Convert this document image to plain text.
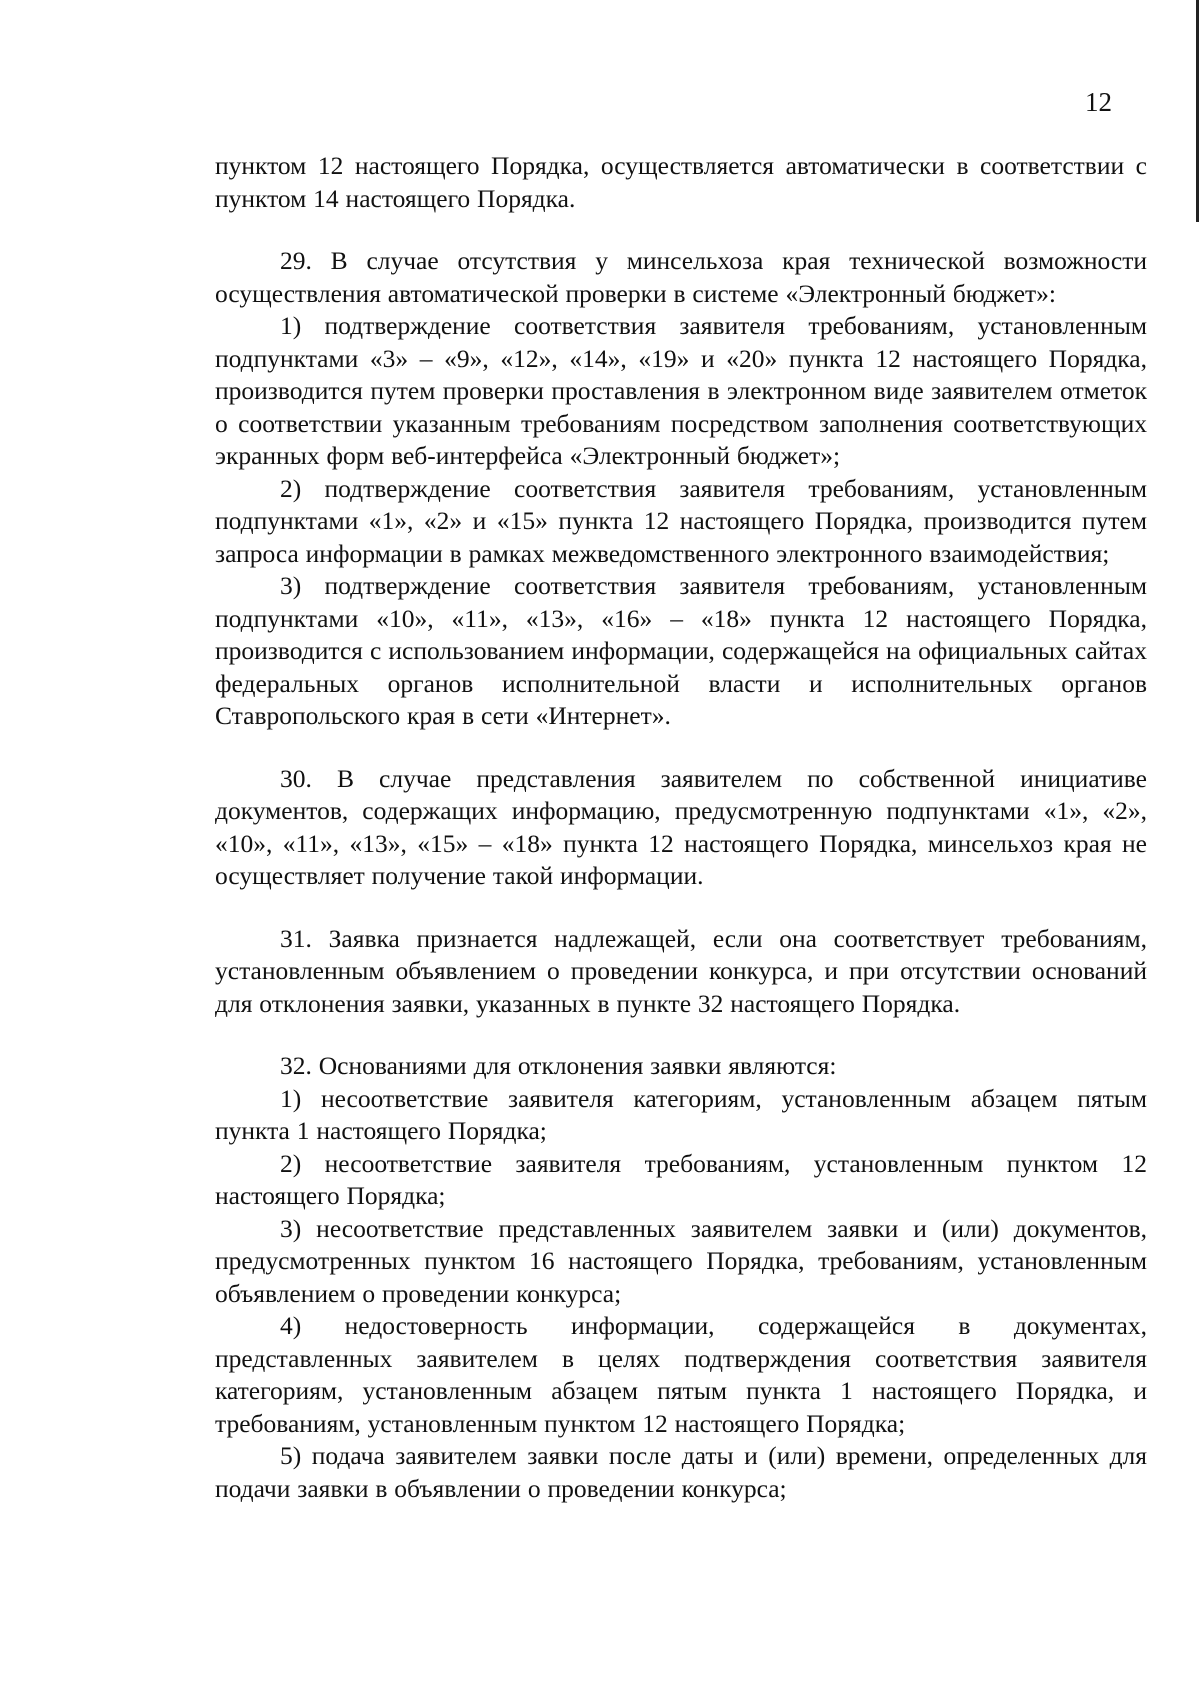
12

пунктом 12 настоящего Порядка, осуществляется автоматически в соответствии с пунктом 14 настоящего Порядка.

29. В случае отсутствия у минсельхоза края технической возможности осуществления автоматической проверки в системе «Электронный бюджет»:

1) подтверждение соответствия заявителя требованиям, установленным подпунктами «3» – «9», «12», «14», «19» и «20» пункта 12 настоящего Порядка, производится путем проверки проставления в электронном виде заявителем отметок о соответствии указанным требованиям посредством заполнения соответствующих экранных форм веб-интерфейса «Электронный бюджет»;

2) подтверждение соответствия заявителя требованиям, установленным подпунктами «1», «2» и «15» пункта 12 настоящего Порядка, производится путем запроса информации в рамках межведомственного электронного взаимодействия;

3) подтверждение соответствия заявителя требованиям, установленным подпунктами «10», «11», «13», «16» – «18» пункта 12 настоящего Порядка, производится с использованием информации, содержащейся на официальных сайтах федеральных органов исполнительной власти и исполнительных органов Ставропольского края в сети «Интернет».

30. В случае представления заявителем по собственной инициативе документов, содержащих информацию, предусмотренную подпунктами «1», «2», «10», «11», «13», «15» – «18» пункта 12 настоящего Порядка, минсельхоз края не осуществляет получение такой информации.

31. Заявка признается надлежащей, если она соответствует требованиям, установленным объявлением о проведении конкурса, и при отсутствии оснований для отклонения заявки, указанных в пункте 32 настоящего Порядка.

32. Основаниями для отклонения заявки являются:

1) несоответствие заявителя категориям, установленным абзацем пятым пункта 1 настоящего Порядка;

2) несоответствие заявителя требованиям, установленным пунктом 12 настоящего Порядка;

3) несоответствие представленных заявителем заявки и (или) документов, предусмотренных пунктом 16 настоящего Порядка, требованиям, установленным объявлением о проведении конкурса;

4) недостоверность информации, содержащейся в документах, представленных заявителем в целях подтверждения соответствия заявителя категориям, установленным абзацем пятым пункта 1 настоящего Порядка, и требованиям, установленным пунктом 12 настоящего Порядка;

5) подача заявителем заявки после даты и (или) времени, определенных для подачи заявки в объявлении о проведении конкурса;
